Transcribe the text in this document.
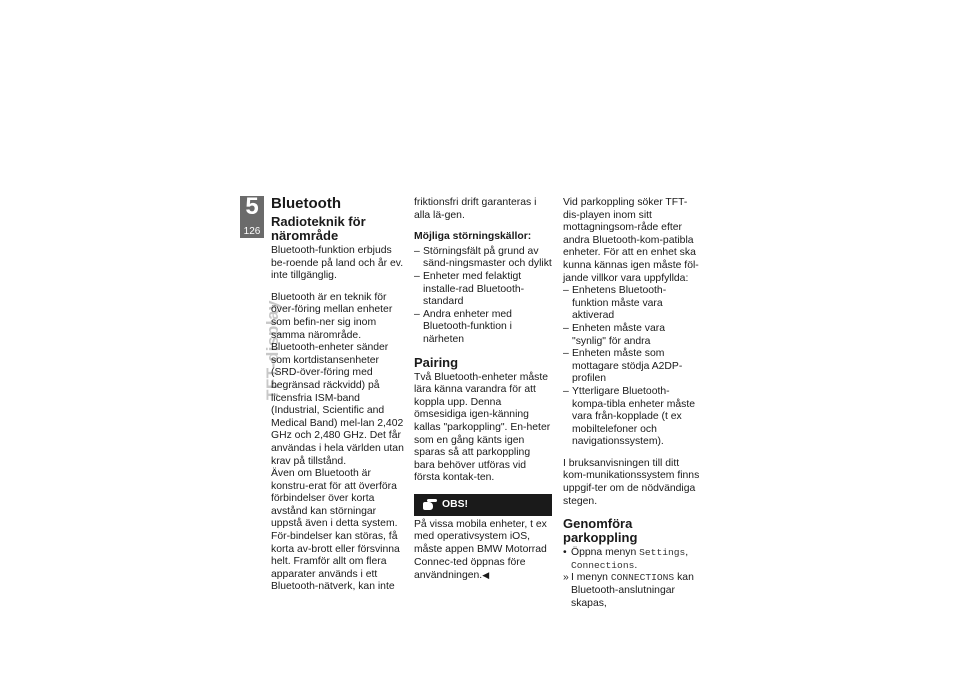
5
126
TFT-display
Bluetooth
Radioteknik för närområde

Bluetooth-funktion erbjuds be-roende på land och år ev. inte tillgänglig.

Bluetooth är en teknik för över-föring mellan enheter som befin-ner sig inom samma närområde. Bluetooth-enheter sänder som kortdistansenheter (SRD-över-föring med begränsad räckvidd) på licensfria ISM-band (Industrial, Scientific and Medical Band) mel-lan 2,402 GHz och 2,480 GHz. Det får användas i hela världen utan krav på tillstånd.

Även om Bluetooth är konstru-erat för att överföra förbindelser över korta avstånd kan störningar uppstå även i detta system. För-bindelser kan störas, få korta av-brott eller försvinna helt. Framför allt om flera apparater används i ett Bluetooth-nätverk, kan inte

friktionsfri drift garanteras i alla lä-gen.

Möjliga störningskällor:
– Störningsfält på grund av sänd-ningsmaster och dylikt
– Enheter med felaktigt installe-rad Bluetooth-standard
– Andra enheter med Bluetooth-funktion i närheten
Pairing

Två Bluetooth-enheter måste lära känna varandra för att koppla upp. Denna ömsesidiga igen-känning kallas "parkoppling". En-heter som en gång känts igen sparas så att parkoppling bara behöver utföras vid första kontak-ten.

OBS!

På vissa mobila enheter, t ex med operativsystem iOS, måste appen BMW Motorrad Connec-ted öppnas före användningen.◀

Vid parkoppling söker TFT-dis-playen inom sitt mottagningsom-råde efter andra Bluetooth-kom-patibla enheter. För att en enhet ska kunna kännas igen måste föl-jande villkor vara uppfyllda:

– Enhetens Bluetooth-funktion måste vara aktiverad
– Enheten måste vara "synlig" för andra
– Enheten måste som mottagare stödja A2DP-profilen
– Ytterligare Bluetooth-kompa-tibla enheter måste vara från-kopplade (t ex mobiltelefoner och navigationssystem).

I bruksanvisningen till ditt kom-munikationssystem finns uppgif-ter om de nödvändiga stegen.

Genomföra parkoppling
• Öppna menyn Settings,
Connections.
» I menyn CONNECTIONS kan Bluetooth-anslutningar skapas,
